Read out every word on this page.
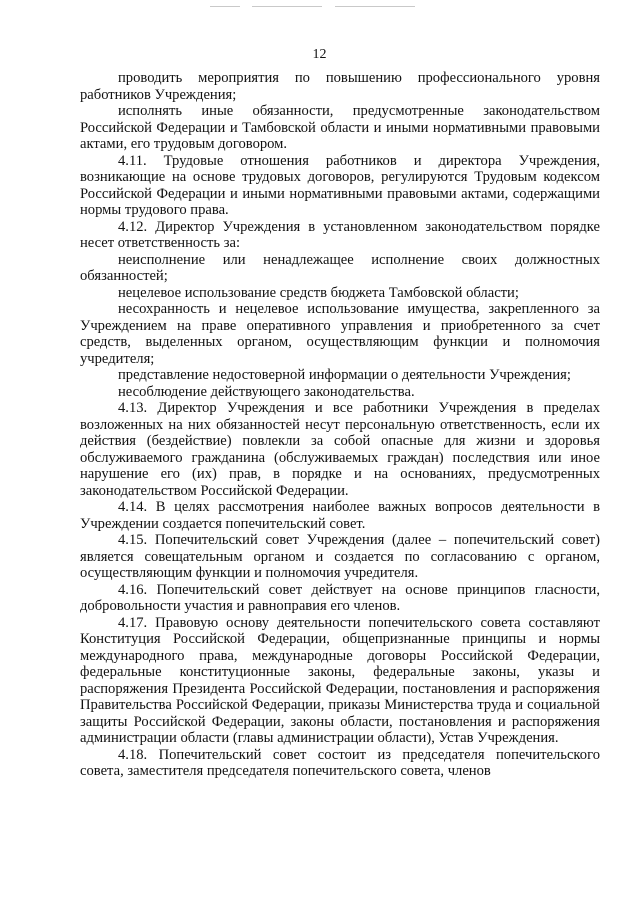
12

проводить мероприятия по повышению профессионального уровня работников Учреждения;

исполнять иные обязанности, предусмотренные законодательством Российской Федерации и Тамбовской области и иными нормативными правовыми актами, его трудовым договором.

4.11. Трудовые отношения работников и директора Учреждения, возникающие на основе трудовых договоров, регулируются Трудовым кодексом Российской Федерации и иными нормативными правовыми актами, содержащими нормы трудового права.

4.12. Директор Учреждения в установленном законодательством порядке несет ответственность за:

неисполнение или ненадлежащее исполнение своих должностных обязанностей;

нецелевое использование средств бюджета Тамбовской области;

несохранность и нецелевое использование имущества, закрепленного за Учреждением на праве оперативного управления и приобретенного за счет средств, выделенных органом, осуществляющим функции и полномочия учредителя;

представление недостоверной информации о деятельности Учреждения;

несоблюдение действующего законодательства.

4.13. Директор Учреждения и все работники Учреждения в пределах возложенных на них обязанностей несут персональную ответственность, если их действия (бездействие) повлекли за собой опасные для жизни и здоровья обслуживаемого гражданина (обслуживаемых граждан) последствия или иное нарушение его (их) прав, в порядке и на основаниях, предусмотренных законодательством Российской Федерации.

4.14. В целях рассмотрения наиболее важных вопросов деятельности в Учреждении создается попечительский совет.

4.15. Попечительский совет Учреждения (далее – попечительский совет) является совещательным органом и создается по согласованию с органом, осуществляющим функции и полномочия учредителя.

4.16. Попечительский совет действует на основе принципов гласности, добровольности участия и равноправия его членов.

4.17. Правовую основу деятельности попечительского совета составляют Конституция Российской Федерации, общепризнанные принципы и нормы международного права, международные договоры Российской Федерации, федеральные конституционные законы, федеральные законы, указы и распоряжения Президента Российской Федерации, постановления и распоряжения Правительства Российской Федерации, приказы Министерства труда и социальной защиты Российской Федерации, законы области, постановления и распоряжения администрации области (главы администрации области), Устав Учреждения.

4.18. Попечительский совет состоит из председателя попечительского совета, заместителя председателя попечительского совета, членов
